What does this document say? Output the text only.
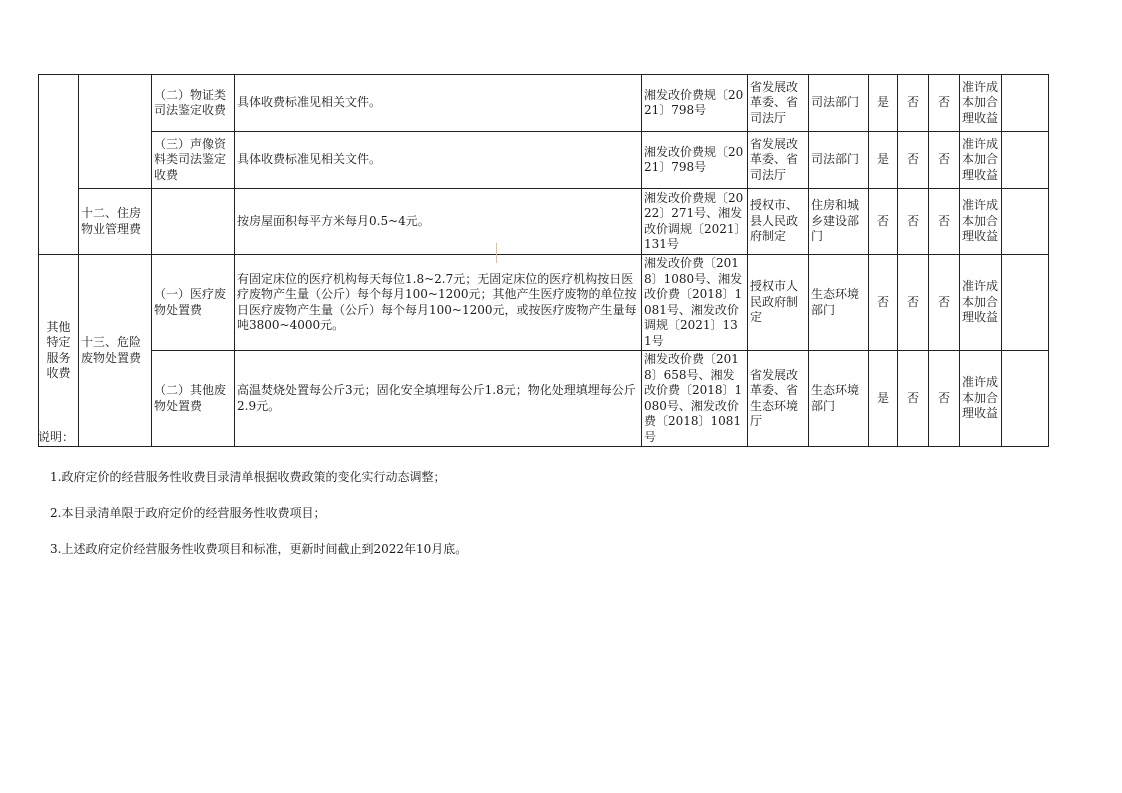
		（二）物证类司法鉴定收费	具体收费标准见相关文件。	湘发改价费规〔2021〕798号	省发展改革委、省司法厅	司法部门	是	否	否	准许成本加合理收益	
		（三）声像资料类司法鉴定收费	具体收费标准见相关文件。	湘发改价费规〔2021〕798号	省发展改革委、省司法厅	司法部门	是	否	否	准许成本加合理收益	
	十二、住房物业管理费		按房屋面积每平方米每月0.5~4元。	湘发改价费规〔2022〕271号、湘发改价调规〔2021〕131号	授权市、县人民政府制定	住房和城乡建设部门	否	否	否	准许成本加合理收益	
其他特定服务收费	十三、危险废物处置费	（一）医疗废物处置费	有固定床位的医疗机构每天每位1.8~2.7元；无固定床位的医疗机构按日医疗废物产生量（公斤）每个每月100~1200元；其他产生医疗废物的单位按日医疗废物产生量（公斤）每个每月100~1200元，或按医疗废物产生量每吨3800~4000元。	湘发改价费〔2018〕1080号、湘发改价费〔2018〕1081号、湘发改价调规〔2021〕131号	授权市人民政府制定	生态环境部门	否	否	否	准许成本加合理收益	
		（二）其他废物处置费	高温焚烧处置每公斤3元；固化安全填埋每公斤1.8元；物化处理填埋每公斤2.9元。	湘发改价费〔2018〕658号、湘发改价费〔2018〕1080号、湘发改价费〔2018〕1081号	省发展改革委、省生态环境厅	生态环境部门	是	否	否	准许成本加合理收益	

说明：

1.政府定价的经营服务性收费目录清单根据收费政策的变化实行动态调整；

2.本目录清单限于政府定价的经营服务性收费项目；

3.上述政府定价经营服务性收费项目和标准，更新时间截止到2022年10月底。
